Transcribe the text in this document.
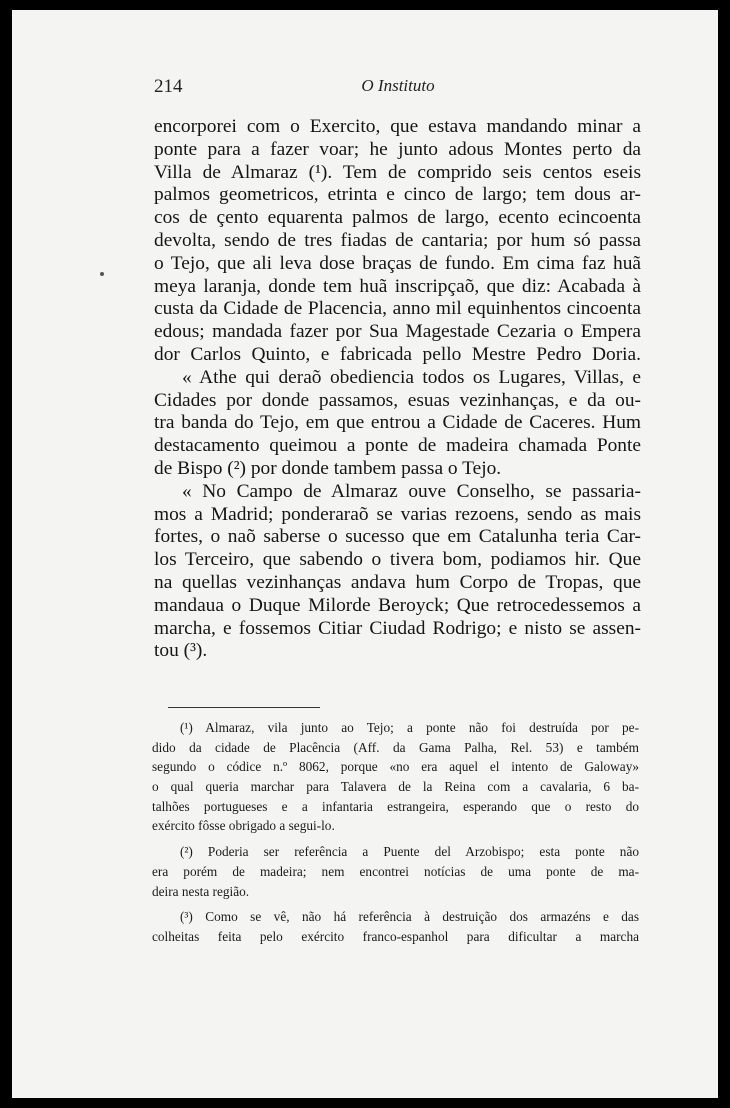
214	O Instituto
encorporei com o Exercito, que estava mandando minar a
ponte para a fazer voar; he junto adous Montes perto da
Villa de Almaraz (¹). Tem de comprido seis centos eseis
palmos geometricos, etrinta e cinco de largo; tem dous ar-
cos de çento equarenta palmos de largo, ecento ecincoenta
devolta, sendo de tres fiadas de cantaria; por hum só passa
o Tejo, que ali leva dose braças de fundo. Em cima faz huã
meya laranja, donde tem huã inscripçaõ, que diz: Acabada à
custa da Cidade de Placencia, anno mil equinhentos cincoenta
edous; mandada fazer por Sua Magestade Cezaria o Empera
dor Carlos Quinto, e fabricada pello Mestre Pedro Doria.
« Athe qui deraõ obediencia todos os Lugares, Villas, e
Cidades por donde passamos, esuas vezinhanças, e da ou-
tra banda do Tejo, em que entrou a Cidade de Caceres. Hum
destacamento queimou a ponte de madeira chamada Ponte
de Bispo (²) por donde tambem passa o Tejo.
« No Campo de Almaraz ouve Conselho, se passaria-
mos a Madrid; ponderaraõ se varias rezoens, sendo as mais
fortes, o naõ saberse o sucesso que em Catalunha teria Car-
los Terceiro, que sabendo o tivera bom, podiamos hir. Que
na quellas vezinhanças andava hum Corpo de Tropas, que
mandaua o Duque Milorde Beroyck; Que retrocedessemos a
marcha, e fossemos Citiar Ciudad Rodrigo; e nisto se assen-
tou (³).
(¹) Almaraz, vila junto ao Tejo; a ponte não foi destruída por pe-
dido da cidade de Placência (Aff. da Gama Palha, Rel. 53) e também
segundo o códice n.º 8062, porque «no era aquel el intento de Galoway»
o qual queria marchar para Talavera de la Reina com a cavalaria, 6 ba-
talhões portugueses e a infantaria estrangeira, esperando que o resto do
exército fôsse obrigado a segui-lo.
(²) Poderia ser referência a Puente del Arzobispo; esta ponte não
era porém de madeira; nem encontrei notícias de uma ponte de ma-
deira nesta região.
(³) Como se vê, não há referência à destruição dos armazéns e das
colheitas feita pelo exército franco-espanhol para dificultar a marcha
